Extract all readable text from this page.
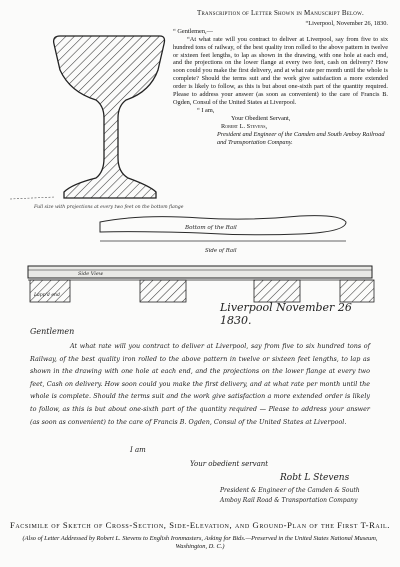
Full size with projections at every two feet on the bottom flange
Bottom of the Rail
Side of Rail
Side View
Lapp'd end
Transcription of Letter Shown in Manuscript Below.
“Liverpool, November 26, 1830.

“ Gentlemen,—

“At what rate will you contract to deliver at Liverpool, say from five to six hundred tons of railway, of the best quality iron rolled to the above pattern in twelve or sixteen feet lengths, to lap as shown in the drawing, with one hole at each end, and the projections on the lower flange at every two feet, cash on delivery? How soon could you make the first delivery, and at what rate per month until the whole is complete? Should the terms suit and the work give satisfaction a more extended order is likely to follow, as this is but about one-sixth part of the quantity required. Please to address your answer (as soon as convenient) to the care of Francis B. Ogden, Consul of the United States at Liverpool.

“ I am,
Your Obedient Servant,
Robert L. Stevens,
President and Engineer of the Camden and South Amboy Railroad and Transportation Company.
Liverpool November 26 1830.
Gentlemen
At what rate will you contract to deliver at Liverpool, say from five to six hundred tons of Railway, of the best quality iron rolled to the above pattern in twelve or sixteen feet lengths, to lap as shown in the drawing with one hole at each end, and the projections on the lower flange at every two feet, Cash on delivery. How soon could you make the first delivery, and at what rate per month until the whole is complete. Should the terms suit and the work give satisfaction a more extended order is likely to follow, as this is but about one-sixth part of the quantity required — Please to address your answer (as soon as convenient) to the care of Francis B. Ogden, Consul of the United States at Liverpool.
I am
Your obedient servant
Robt L Stevens
President & Engineer of the Camden & South Amboy Rail Road & Transportation Company
Facsimile of Sketch of Cross-Section, Side-Elevation, and Ground-Plan of the First T-Rail.
(Also of Letter Addressed by Robert L. Stevens to English Ironmasters, Asking for Bids.—Preserved in the United States National Museum, Washington, D. C.)
